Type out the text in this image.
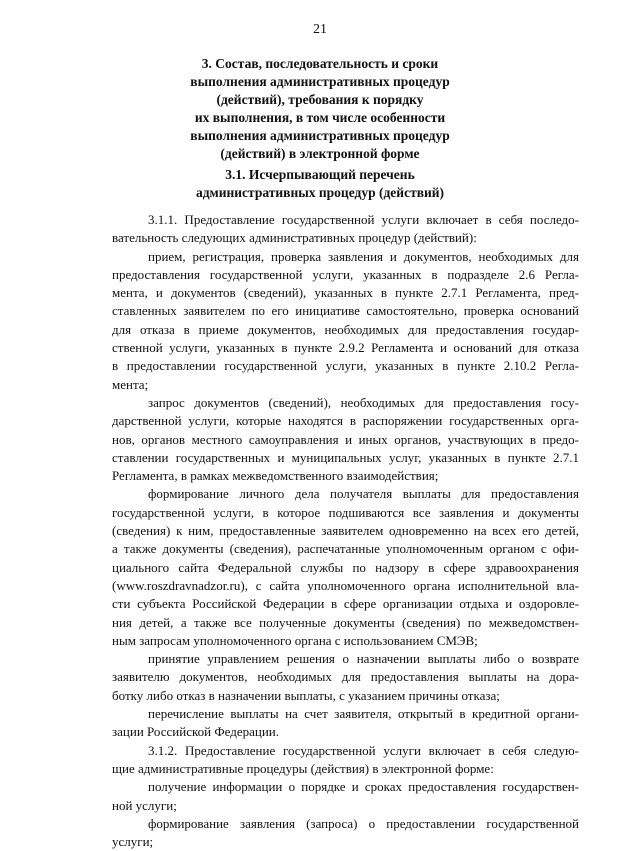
21
3. Состав, последовательность и сроки
выполнения административных процедур
(действий), требования к порядку
их выполнения, в том числе особенности
выполнения административных процедур
(действий) в электронной форме
3.1. Исчерпывающий перечень
административных процедур (действий)
3.1.1. Предоставление государственной услуги включает в себя последо-
вательность следующих административных процедур (действий):
прием, регистрация, проверка заявления и документов, необходимых для
предоставления государственной услуги, указанных в подразделе 2.6 Регла-
мента, и документов (сведений), указанных в пункте 2.7.1 Регламента, пред-
ставленных заявителем по его инициативе самостоятельно, проверка оснований
для отказа в приеме документов, необходимых для предоставления государ-
ственной услуги, указанных в пункте 2.9.2 Регламента и оснований для отказа
в предоставлении государственной услуги, указанных в пункте 2.10.2 Регла-
мента;
запрос документов (сведений), необходимых для предоставления госу-
дарственной услуги, которые находятся в распоряжении государственных орга-
нов, органов местного самоуправления и иных органов, участвующих в предо-
ставлении государственных и муниципальных услуг, указанных в пункте 2.7.1
Регламента, в рамках межведомственного взаимодействия;
формирование личного дела получателя выплаты для предоставления
государственной услуги, в которое подшиваются все заявления и документы
(сведения) к ним, предоставленные заявителем одновременно на всех его детей,
а также документы (сведения), распечатанные уполномоченным органом с офи-
циального сайта Федеральной службы по надзору в сфере здравоохранения
(www.roszdravnadzor.ru), с сайта уполномоченного органа исполнительной вла-
сти субъекта Российской Федерации в сфере организации отдыха и оздоровле-
ния детей, а также все полученные документы (сведения) по межведомствен-
ным запросам уполномоченного органа с использованием СМЭВ;
принятие управлением решения о назначении выплаты либо о возврате
заявителю документов, необходимых для предоставления выплаты на дора-
ботку либо отказ в назначении выплаты, с указанием причины отказа;
перечисление выплаты на счет заявителя, открытый в кредитной органи-
зации Российской Федерации.
3.1.2. Предоставление государственной услуги включает в себя следую-
щие административные процедуры (действия) в электронной форме:
получение информации о порядке и сроках предоставления государствен-
ной услуги;
формирование заявления (запроса) о предоставлении государственной
услуги;
